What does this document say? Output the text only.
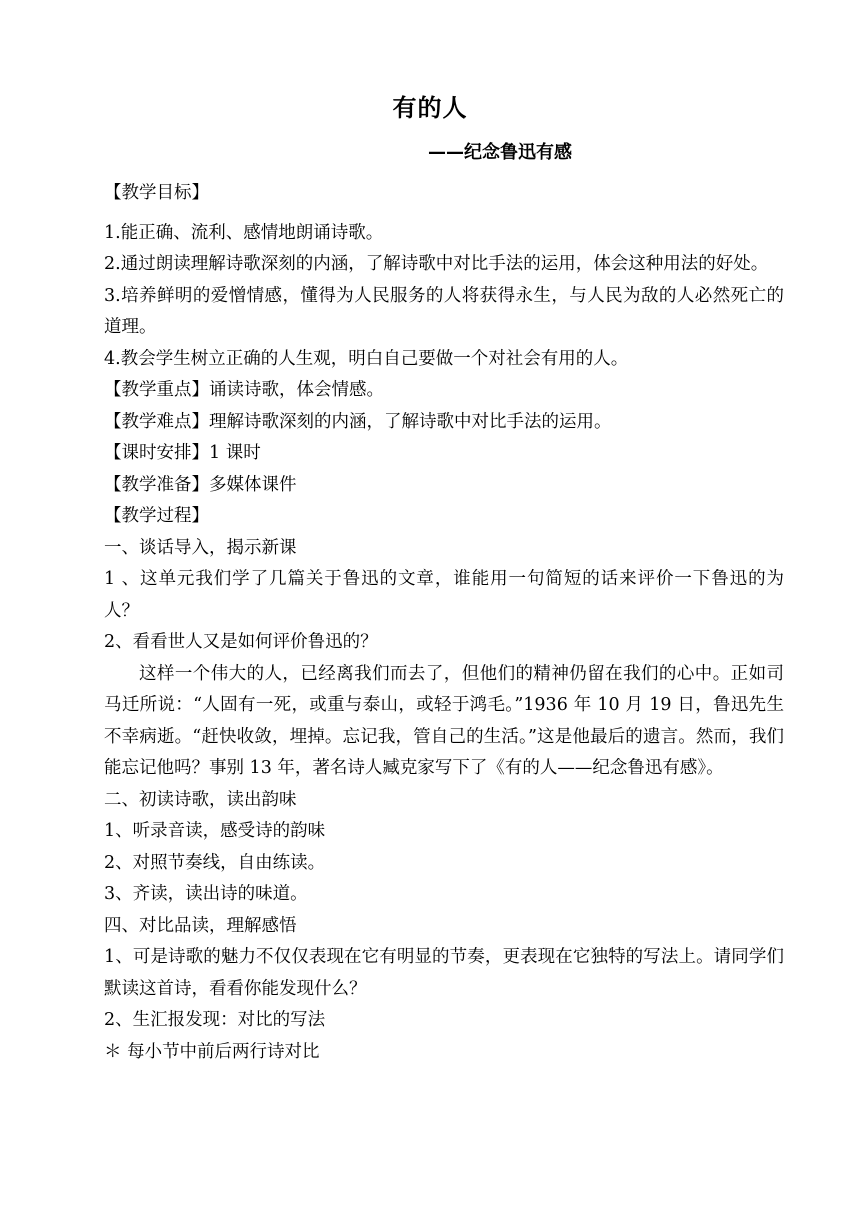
有的人
——纪念鲁迅有感

【教学目标】

1.能正确、流利、感情地朗诵诗歌。

2.通过朗读理解诗歌深刻的内涵，了解诗歌中对比手法的运用，体会这种用法的好处。

3.培养鲜明的爱憎情感，懂得为人民服务的人将获得永生，与人民为敌的人必然死亡的道理。

4.教会学生树立正确的人生观，明白自己要做一个对社会有用的人。

【教学重点】诵读诗歌，体会情感。

【教学难点】理解诗歌深刻的内涵，了解诗歌中对比手法的运用。

【课时安排】1 课时

【教学准备】多媒体课件

【教学过程】

一、谈话导入，揭示新课

1 、这单元我们学了几篇关于鲁迅的文章，谁能用一句简短的话来评价一下鲁迅的为人？

2、看看世人又是如何评价鲁迅的？

这样一个伟大的人，已经离我们而去了，但他们的精神仍留在我们的心中。正如司马迁所说：“人固有一死，或重与泰山，或轻于鸿毛。”1936 年 10 月 19 日，鲁迅先生不幸病逝。“赶快收敛，埋掉。忘记我，管自己的生活。”这是他最后的遗言。然而，我们能忘记他吗？事别 13 年，著名诗人臧克家写下了《有的人——纪念鲁迅有感》。

二、初读诗歌，读出韵味

1、听录音读，感受诗的韵味

2、对照节奏线，自由练读。

3、齐读，读出诗的味道。

四、对比品读，理解感悟

1、可是诗歌的魅力不仅仅表现在它有明显的节奏，更表现在它独特的写法上。请同学们默读这首诗，看看你能发现什么？

2、生汇报发现：对比的写法

＊ 每小节中前后两行诗对比
